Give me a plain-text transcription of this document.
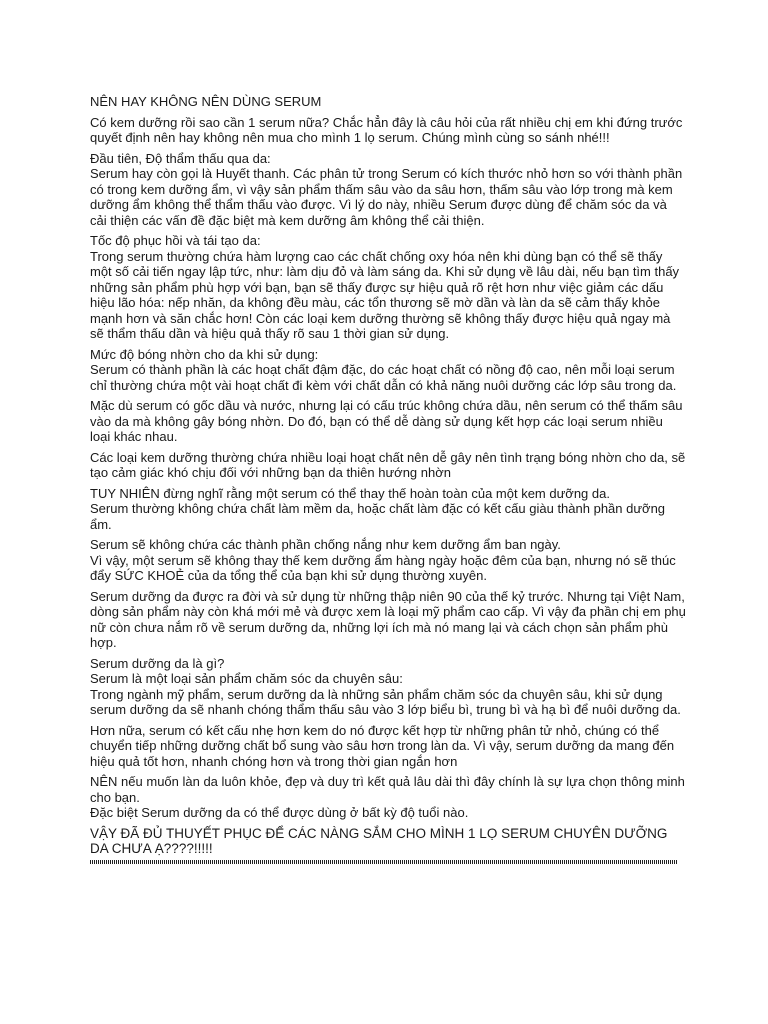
NÊN HAY KHÔNG NÊN DÙNG SERUM
Có kem dưỡng rồi sao cần 1 serum nữa? Chắc hẳn đây là câu hỏi của rất nhiều chị em khi đứng trước quyết định nên hay không nên mua cho mình 1 lọ serum. Chúng mình cùng so sánh nhé!!!
Đầu tiên, Độ thẩm thấu qua da:
Serum hay còn gọi là Huyết thanh. Các phân tử trong Serum có kích thước nhỏ hơn so với thành phần có trong kem dưỡng ẩm, vì vậy sản phẩm thấm sâu vào da sâu hơn, thấm sâu vào lớp trong mà kem dưỡng ẩm không thể thẩm thấu vào được. Vì lý do này, nhiều Serum được dùng để chăm sóc da và cải thiện các vấn đề đặc biệt mà kem dưỡng âm không thể cải thiện.
Tốc độ phục hồi và tái tạo da:
Trong serum thường chứa hàm lượng cao các chất chống oxy hóa nên khi dùng bạn có thể sẽ thấy một số cải tiến ngay lập tức, như: làm dịu đỏ và làm sáng da. Khi sử dụng về lâu dài, nếu bạn tìm thấy những sản phẩm phù hợp với bạn, bạn sẽ thấy được sự hiệu quả rõ rệt hơn như việc giảm các dấu hiệu lão hóa: nếp nhăn, da không đều màu, các tổn thương sẽ mờ dần và làn da sẽ cảm thấy khỏe mạnh hơn và săn chắc hơn! Còn các loại kem dưỡng thường sẽ không thấy được hiệu quả ngay mà sẽ thẩm thấu dần và hiệu quả thấy rõ sau 1 thời gian sử dụng.
Mức độ bóng nhờn cho da khi sử dụng:
Serum có thành phần là các hoạt chất đậm đặc, do các hoạt chất có nồng độ cao, nên mỗi loại serum chỉ thường chứa một vài hoạt chất đi kèm với chất dẫn có khả năng nuôi dưỡng các lớp sâu trong da.
Mặc dù serum có gốc dầu và nước, nhưng lại có cấu trúc không chứa dầu, nên serum có thể thấm sâu vào da mà không gây bóng nhờn. Do đó, bạn có thể dễ dàng sử dụng kết hợp các loại serum nhiều loại khác nhau.
Các loại kem dưỡng thường chứa nhiều loại hoạt chất nên dễ gây nên tình trạng bóng nhờn cho da, sẽ tạo cảm giác khó chịu đối với những bạn da thiên hướng nhờn
TUY NHIÊN đừng nghĩ rằng một serum có thể thay thế hoàn toàn của một kem dưỡng da.
Serum thường không chứa chất làm mềm da, hoặc chất làm đặc có kết cấu giàu thành phần dưỡng ẩm.
Serum sẽ không chứa các thành phần chống nắng như kem dưỡng ẩm ban ngày.
Vì vậy, một serum sẽ không thay thế kem dưỡng ẩm hàng ngày hoặc đêm của bạn, nhưng nó sẽ thúc đẩy SỨC KHOẺ của da tổng thể của bạn khi sử dụng thường xuyên.
Serum dưỡng da được ra đời và sử dụng từ những thập niên 90 của thế kỷ trước. Nhưng tại Việt Nam, dòng sản phẩm này còn khá mới mẻ và được xem là loại mỹ phẩm cao cấp. Vì vậy đa phần chị em phụ nữ còn chưa nắm rõ về serum dưỡng da, những lợi ích mà nó mang lại và cách chọn sản phẩm phù hợp.
Serum dưỡng da là gì?
Serum là một loại sản phẩm chăm sóc da chuyên sâu:
Trong ngành mỹ phẩm, serum dưỡng da là những sản phẩm chăm sóc da chuyên sâu, khi sử dụng serum dưỡng da sẽ nhanh chóng thẩm thấu sâu vào 3 lớp biểu bì, trung bì và hạ bì để nuôi dưỡng da.
Hơn nữa, serum có kết cấu nhẹ hơn kem do nó được kết hợp từ những phân tử nhỏ, chúng có thể chuyển tiếp những dưỡng chất bổ sung vào sâu hơn trong làn da. Vì vậy, serum dưỡng da mang đến hiệu quả tốt hơn, nhanh chóng hơn và trong thời gian ngắn hơn
NÊN nếu muốn làn da luôn khỏe, đẹp và duy trì kết quả lâu dài thì đây chính là sự lựa chọn thông minh cho bạn.
Đặc biệt Serum dưỡng da có thể được dùng ở bất kỳ độ tuổi nào.
VẬY ĐÃ ĐỦ THUYẾT PHỤC ĐỂ CÁC NÀNG SẮM CHO MÌNH 1 LỌ SERUM CHUYÊN DƯỠNG DA CHƯA Ạ????!!!!!
